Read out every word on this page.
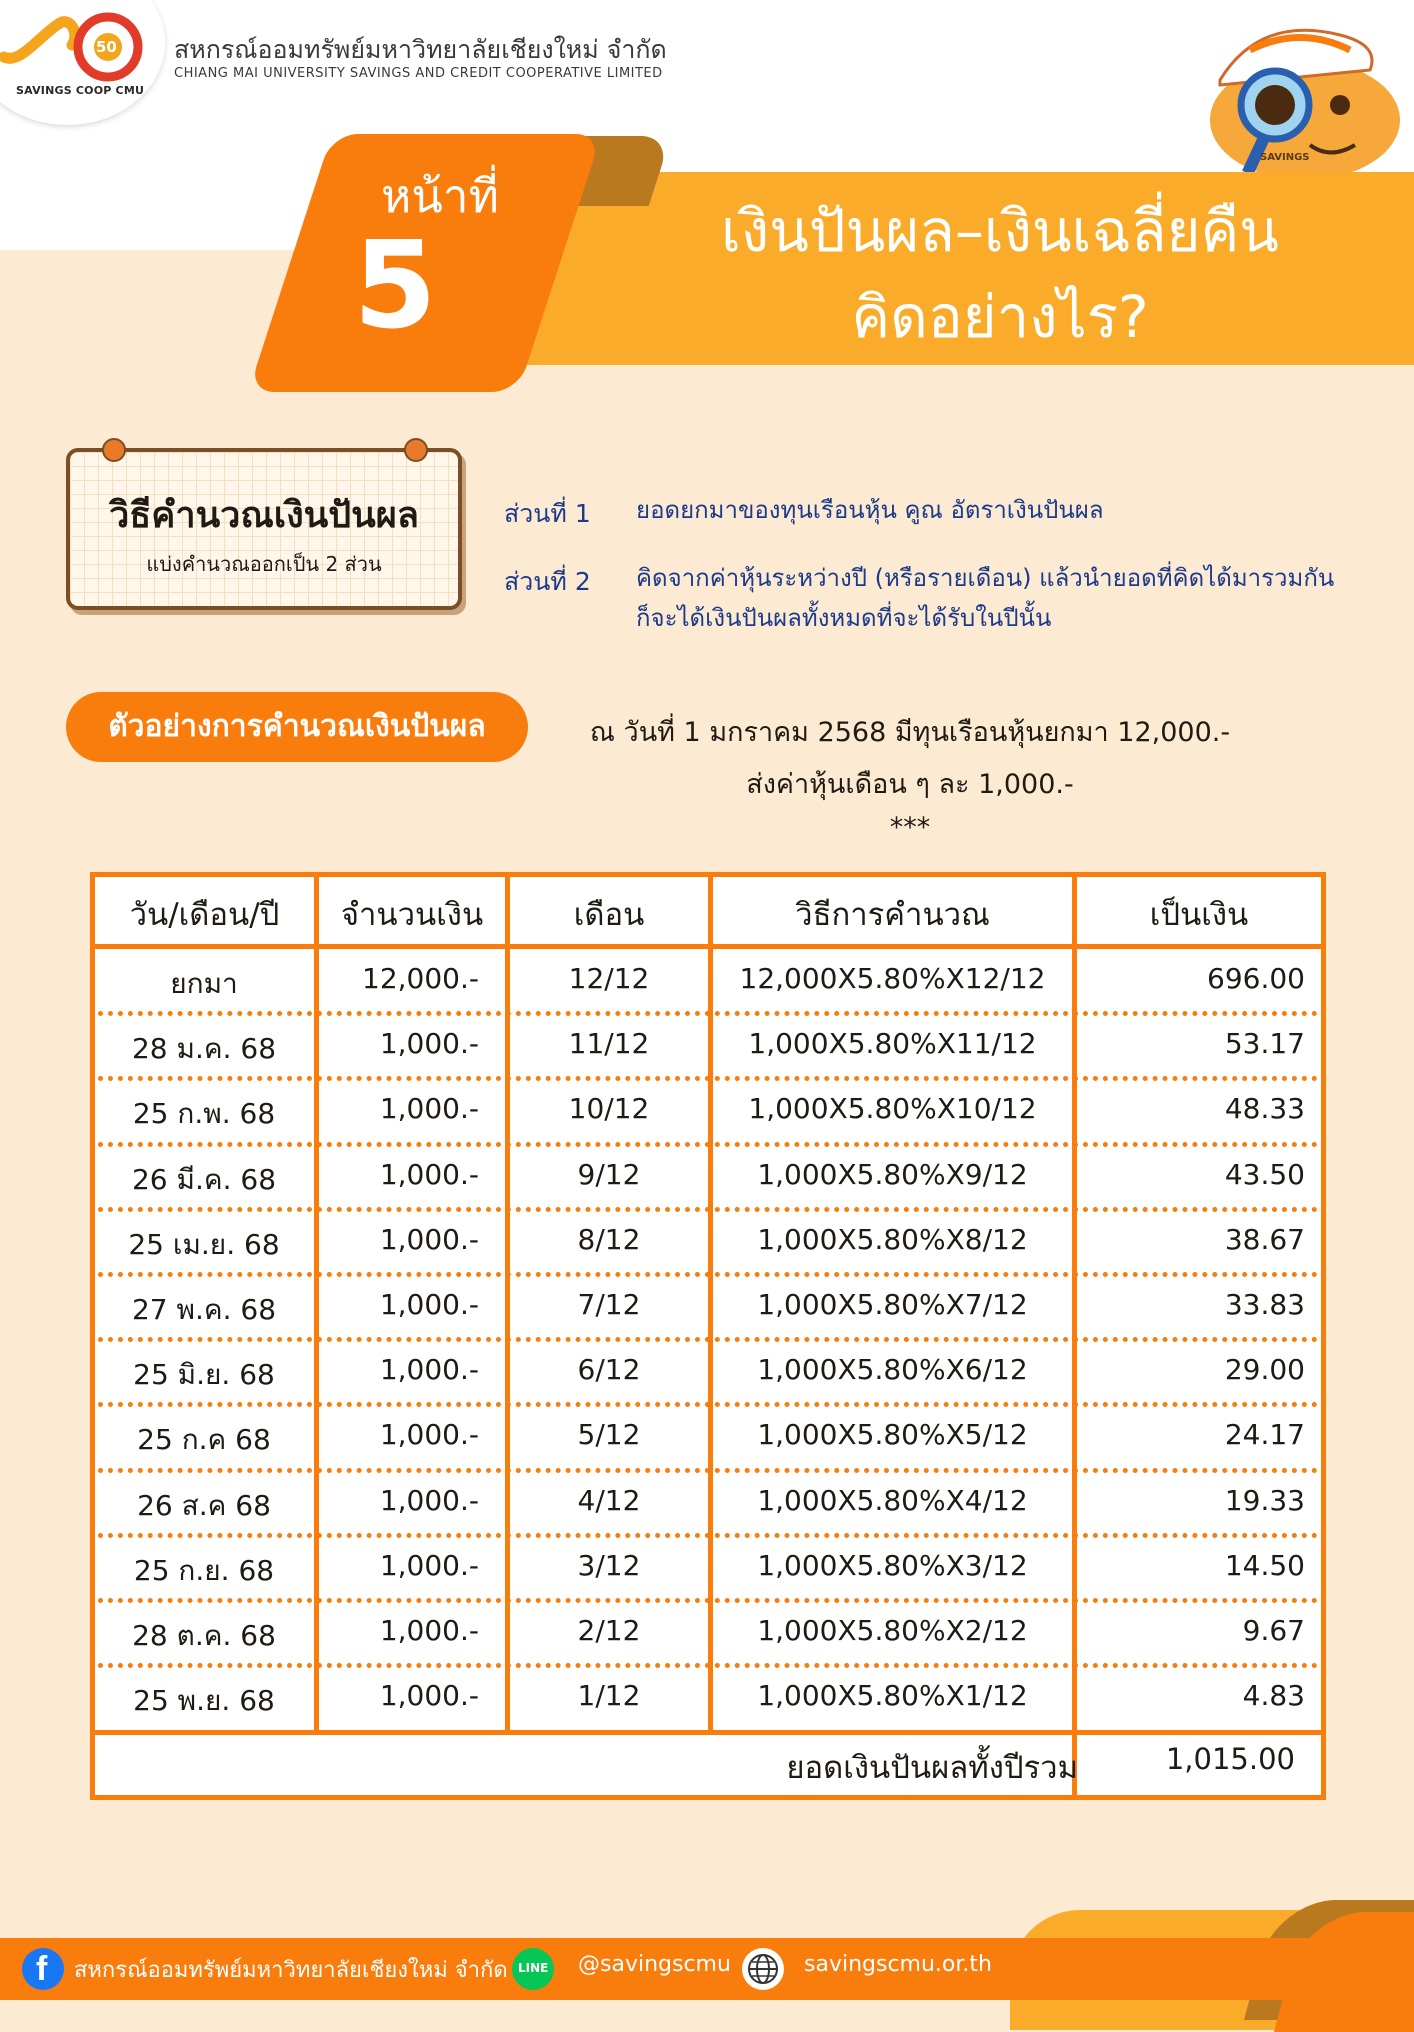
50
SAVINGS COOP CMU
สหกรณ์ออมทรัพย์มหาวิทยาลัยเชียงใหม่ จำกัด
CHIANG MAI UNIVERSITY SAVINGS AND CREDIT COOPERATIVE LIMITED
SAVINGS
หน้าที่
5	เงินปันผล–เงินเฉลี่ยคืน
คิดอย่างไร?
วิธีคำนวณเงินปันผล
แบ่งคำนวณออกเป็น 2 ส่วน
ส่วนที่ 1 ยอดยกมาของทุนเรือนหุ้น คูณ อัตราเงินปันผล
ส่วนที่ 2 คิดจากค่าหุ้นระหว่างปี (หรือรายเดือน) แล้วนำยอดที่คิดได้มารวมกัน
ก็จะได้เงินปันผลทั้งหมดที่จะได้รับในปีนั้น
ตัวอย่างการคำนวณเงินปันผล	ณ วันที่ 1 มกราคม 2568 มีทุนเรือนหุ้นยกมา 12,000.-
ส่งค่าหุ้นเดือน ๆ ละ 1,000.-
***
วัน/เดือน/ปี	จำนวนเงิน	เดือน	วิธีการคำนวณ	เป็นเงิน
ยกมา	12,000.-	12/12	12,000X5.80%X12/12	696.00
28 ม.ค. 68	1,000.-	11/12	1,000X5.80%X11/12	53.17
25 ก.พ. 68	1,000.-	10/12	1,000X5.80%X10/12	48.33
26 มี.ค. 68	1,000.-	9/12	1,000X5.80%X9/12	43.50
25 เม.ย. 68	1,000.-	8/12	1,000X5.80%X8/12	38.67
27 พ.ค. 68	1,000.-	7/12	1,000X5.80%X7/12	33.83
25 มิ.ย. 68	1,000.-	6/12	1,000X5.80%X6/12	29.00
25 ก.ค 68	1,000.-	5/12	1,000X5.80%X5/12	24.17
26 ส.ค 68	1,000.-	4/12	1,000X5.80%X4/12	19.33
25 ก.ย. 68	1,000.-	3/12	1,000X5.80%X3/12	14.50
28 ต.ค. 68	1,000.-	2/12	1,000X5.80%X2/12	9.67
25 พ.ย. 68	1,000.-	1/12	1,000X5.80%X1/12	4.83
ยอดเงินปันผลทั้งปีรวม	1,015.00
f สหกรณ์ออมทรัพย์มหาวิทยาลัยเชียงใหม่ จำกัด LINE @savingscmu	savingscmu.or.th
